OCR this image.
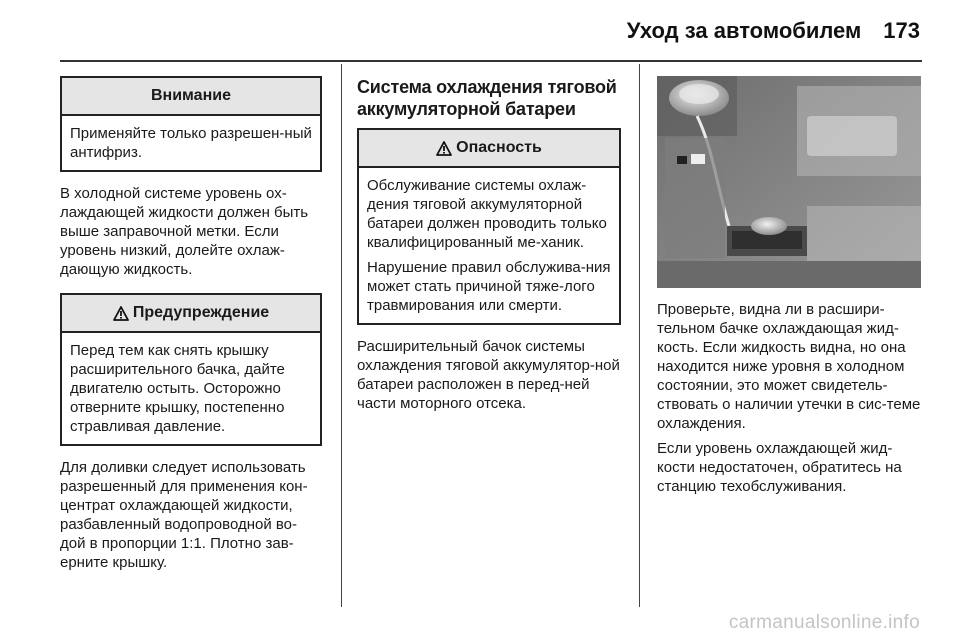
Уход за автомобилем 173
Внимание

Применяйте только разрешен-ный антифриз.

В холодной системе уровень ох-лаждающей жидкости должен быть выше заправочной метки. Если уровень низкий, долейте охлаж-дающую жидкость.

Предупреждение

Перед тем как снять крышку расширительного бачка, дайте двигателю остыть. Осторожно отверните крышку, постепенно стравливая давление.

Для доливки следует использовать разрешенный для применения кон-центрат охлаждающей жидкости, разбавленный водопроводной во-дой в пропорции 1:1. Плотно зав-ерните крышку.

Система охлаждения тяговой аккумуляторной батареи
Опасность

Обслуживание системы охлаж-дения тяговой аккумуляторной батареи должен проводить только квалифицированный ме-ханик.

Нарушение правил обслужива-ния может стать причиной тяже-лого травмирования или смерти.

Расширительный бачок системы охлаждения тяговой аккумулятор-ной батареи расположен в перед-ней части моторного отсека.

Проверьте, видна ли в расшири-тельном бачке охлаждающая жид-кость. Если жидкость видна, но она находится ниже уровня в холодном состоянии, это может свидетель-ствовать о наличии утечки в сис-теме охлаждения.

Если уровень охлаждающей жид-кости недостаточен, обратитесь на станцию техобслуживания.

carmanualsonline.info
